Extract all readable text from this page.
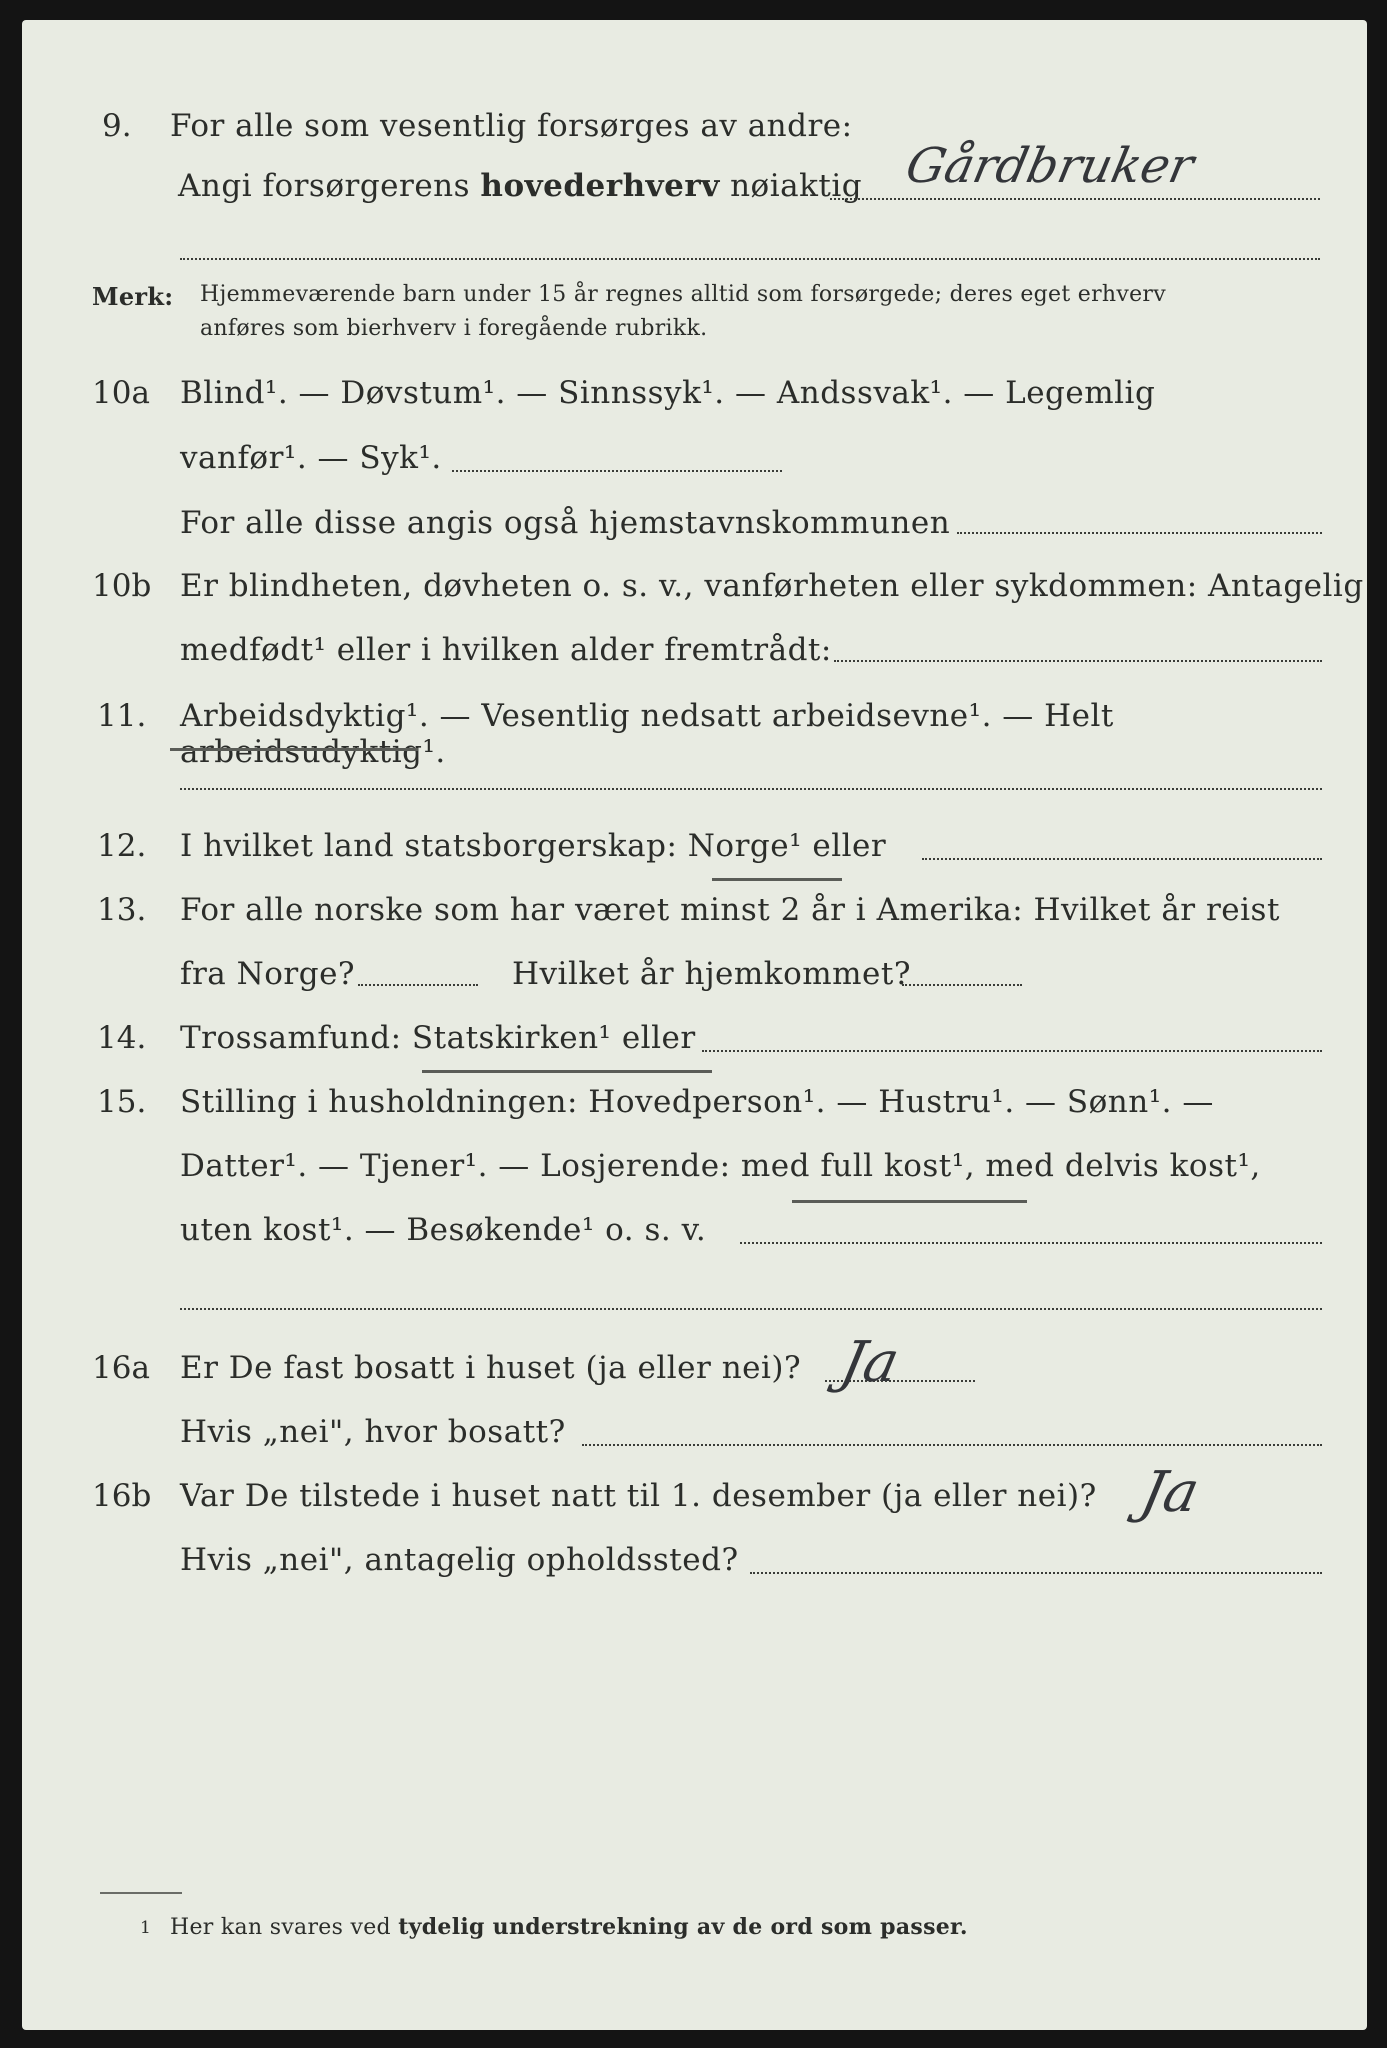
9. For alle som vesentlig forsørges av andre:
Angi forsørgerens hovederhverv nøiaktig Gårdbruker
Merk: Hjemmeværende barn under 15 år regnes alltid som forsørgede; deres eget erhverv
anføres som bierhverv i foregående rubrikk.
10a Blind¹. — Døvstum¹. — Sinnssyk¹. — Andssvak¹. — Legemlig
vanfør¹. — Syk¹.
For alle disse angis også hjemstavnskommunen
10b Er blindheten, døvheten o. s. v., vanførheten eller sykdommen: Antagelig
medfødt¹ eller i hvilken alder fremtrådt:
11. Arbeidsdyktig¹. — Vesentlig nedsatt arbeidsevne¹. — Helt arbeidsudyktig¹.
12. I hvilket land statsborgerskap: Norge¹ eller
13. For alle norske som har været minst 2 år i Amerika: Hvilket år reist
fra Norge?	Hvilket år hjemkommet?
14. Trossamfund: Statskirken¹ eller
15. Stilling i husholdningen: Hovedperson¹. — Hustru¹. — Sønn¹. —
Datter¹. — Tjener¹. — Losjerende: med full kost¹, med delvis kost¹,
uten kost¹. — Besøkende¹ o. s. v.
16a Er De fast bosatt i huset (ja eller nei)? Ja
Hvis „nei", hvor bosatt?
16b Var De tilstede i huset natt til 1. desember (ja eller nei)? Ja
Hvis „nei", antagelig opholdssted?
1 Her kan svares ved tydelig understrekning av de ord som passer.
